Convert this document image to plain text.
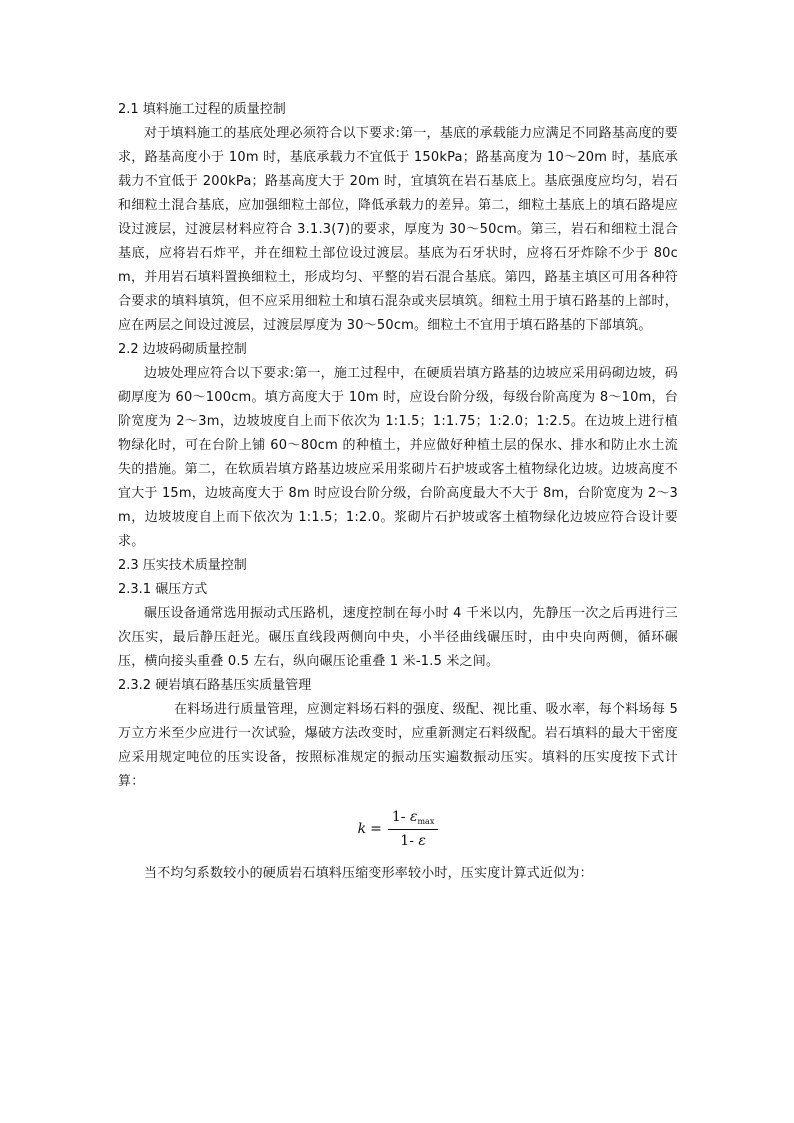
2.1 填料施工过程的质量控制

对于填料施工的基底处理必须符合以下要求:第一，基底的承载能力应满足不同路基高度的要求，路基高度小于 10m 时，基底承载力不宜低于 150kPa；路基高度为 10～20m 时，基底承载力不宜低于 200kPa；路基高度大于 20m 时，宜填筑在岩石基底上。基底强度应均匀，岩石和细粒土混合基底，应加强细粒土部位，降低承载力的差异。第二，细粒土基底上的填石路堤应设过渡层，过渡层材料应符合 3.1.3(7)的要求，厚度为 30～50cm。第三，岩石和细粒土混合基底，应将岩石炸平，并在细粒土部位设过渡层。基底为石牙状时，应将石牙炸除不少于 80cm，并用岩石填料置换细粒土，形成均匀、平整的岩石混合基底。第四，路基主填区可用各种符合要求的填料填筑，但不应采用细粒土和填石混杂或夹层填筑。细粒土用于填石路基的上部时，应在两层之间设过渡层，过渡层厚度为 30～50cm。细粒土不宜用于填石路基的下部填筑。

2.2 边坡码砌质量控制

边坡处理应符合以下要求:第一，施工过程中，在硬质岩填方路基的边坡应采用码砌边坡，码砌厚度为 60～100cm。填方高度大于 10m 时，应设台阶分级，每级台阶高度为 8～10m，台阶宽度为 2～3m，边坡坡度自上而下依次为 1:1.5；1:1.75；1:2.0；1:2.5。在边坡上进行植物绿化时，可在台阶上铺 60～80cm 的种植土，并应做好种植土层的保水、排水和防止水土流失的措施。第二，在软质岩填方路基边坡应采用浆砌片石护坡或客土植物绿化边坡。边坡高度不宜大于 15m，边坡高度大于 8m 时应设台阶分级，台阶高度最大不大于 8m，台阶宽度为 2～3m，边坡坡度自上而下依次为 1:1.5；1:2.0。浆砌片石护坡或客土植物绿化边坡应符合设计要求。

2.3 压实技术质量控制

2.3.1 碾压方式

碾压设备通常选用振动式压路机，速度控制在每小时 4 千米以内，先静压一次之后再进行三次压实，最后静压赶光。碾压直线段两侧向中央，小半径曲线碾压时，由中央向两侧，循环碾压，横向接头重叠 0.5 左右，纵向碾压论重叠 1 米-1.5 米之间。

2.3.2 硬岩填石路基压实质量管理

在料场进行质量管理，应测定料场石料的强度、级配、视比重、吸水率，每个料场每 5 万立方米至少应进行一次试验，爆破方法改变时，应重新测定石料级配。岩石填料的最大干密度应采用规定吨位的压实设备，按照标准规定的振动压实遍数振动压实。填料的压实度按下式计算：

$k = \frac{1- \varepsilon_{max}}{1- \varepsilon}$

当不均匀系数较小的硬质岩石填料压缩变形率较小时，压实度计算式近似为：
